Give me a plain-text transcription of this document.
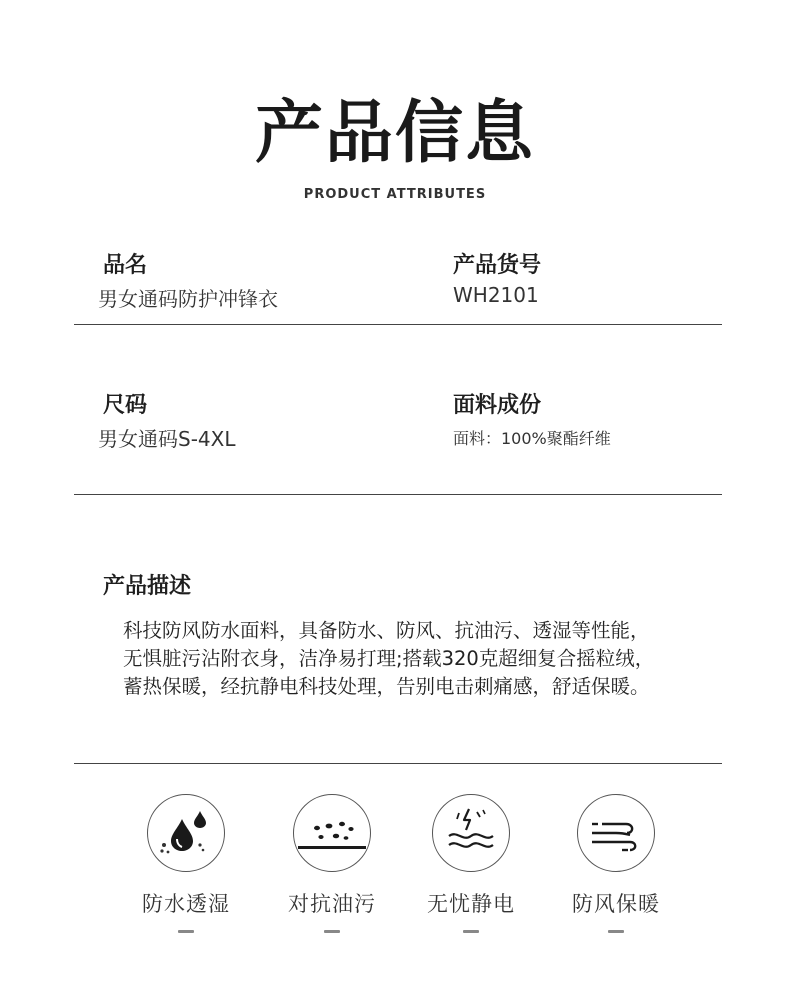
产品信息
PRODUCT ATTRIBUTES
品名
男女通码防护冲锋衣
产品货号
WH2101
尺码
男女通码S-4XL
面料成份
面料：100%聚酯纤维
产品描述
科技防风防水面料，具备防水、防风、抗油污、透湿等性能，
无惧脏污沾附衣身，洁净易打理;搭载320克超细复合摇粒绒，
蓄热保暖，经抗静电科技处理，告别电击刺痛感，舒适保暖。
防水透湿	对抗油污	无忧静电	防风保暖
